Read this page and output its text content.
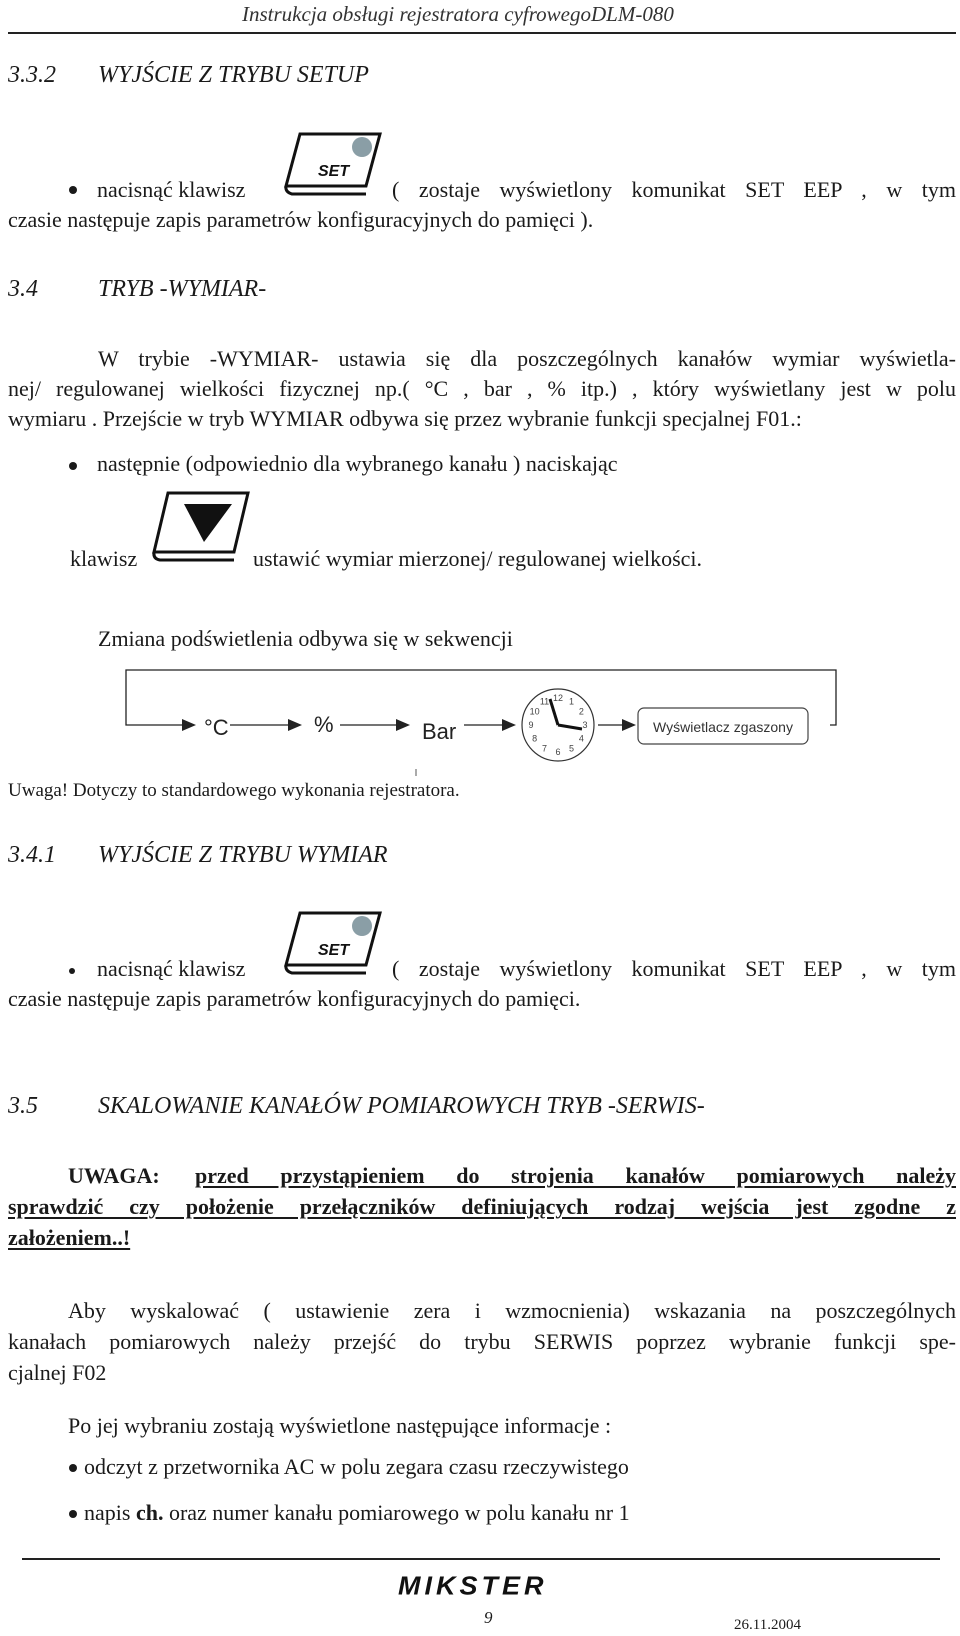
Instrukcja obsługi rejestratora cyfrowegoDLM-080
3.3.2 WYJŚCIE Z TRYBU SETUP
nacisnąć klawisz
SET
( zostaje wyświetlony komunikat SET EEP , w tym
czasie następuje zapis parametrów konfiguracyjnych do pamięci ).
3.4	TRYB -WYMIAR-
W trybie -WYMIAR- ustawia się dla poszczególnych kanałów wymiar wyświetla-
nej/ regulowanej wielkości fizycznej np.( °C , bar , % itp.) , który wyświetlany jest w polu
wymiaru . Przejście w tryb WYMIAR odbywa się przez wybranie funkcji specjalnej F01.:
następnie (odpowiednio dla wybranego kanału ) naciskając
klawisz	ustawić wymiar mierzonej/ regulowanej wielkości.
Zmiana podświetlenia odbywa się w sekwencji
12 1
2
3
4
5
6
7
8
9
10
11
Wyświetlacz zgaszony
°C	%	Bar
Uwaga! Dotyczy to standardowego wykonania rejestratora.
3.4.1 WYJŚCIE Z TRYBU WYMIAR
nacisnąć klawisz
SET
( zostaje wyświetlony komunikat SET EEP , w tym
czasie następuje zapis parametrów konfiguracyjnych do pamięci.
3.5	SKALOWANIE KANAŁÓW POMIAROWYCH TRYB -SERWIS-
UWAGA: przed przystąpieniem do strojenia kanałów pomiarowych należy
sprawdzić czy położenie przełączników definiujących rodzaj wejścia jest zgodne z
założeniem..!
Aby wyskalować ( ustawienie zera i wzmocnienia) wskazania na poszczególnych
kanałach pomiarowych należy przejść do trybu SERWIS poprzez wybranie funkcji spe-
cjalnej F02
Po jej wybraniu zostają wyświetlone następujące informacje :
odczyt z przetwornika AC w polu zegara czasu rzeczywistego
napis ch. oraz numer kanału pomiarowego w polu kanału nr 1
MIKSTER
9	26.11.2004
